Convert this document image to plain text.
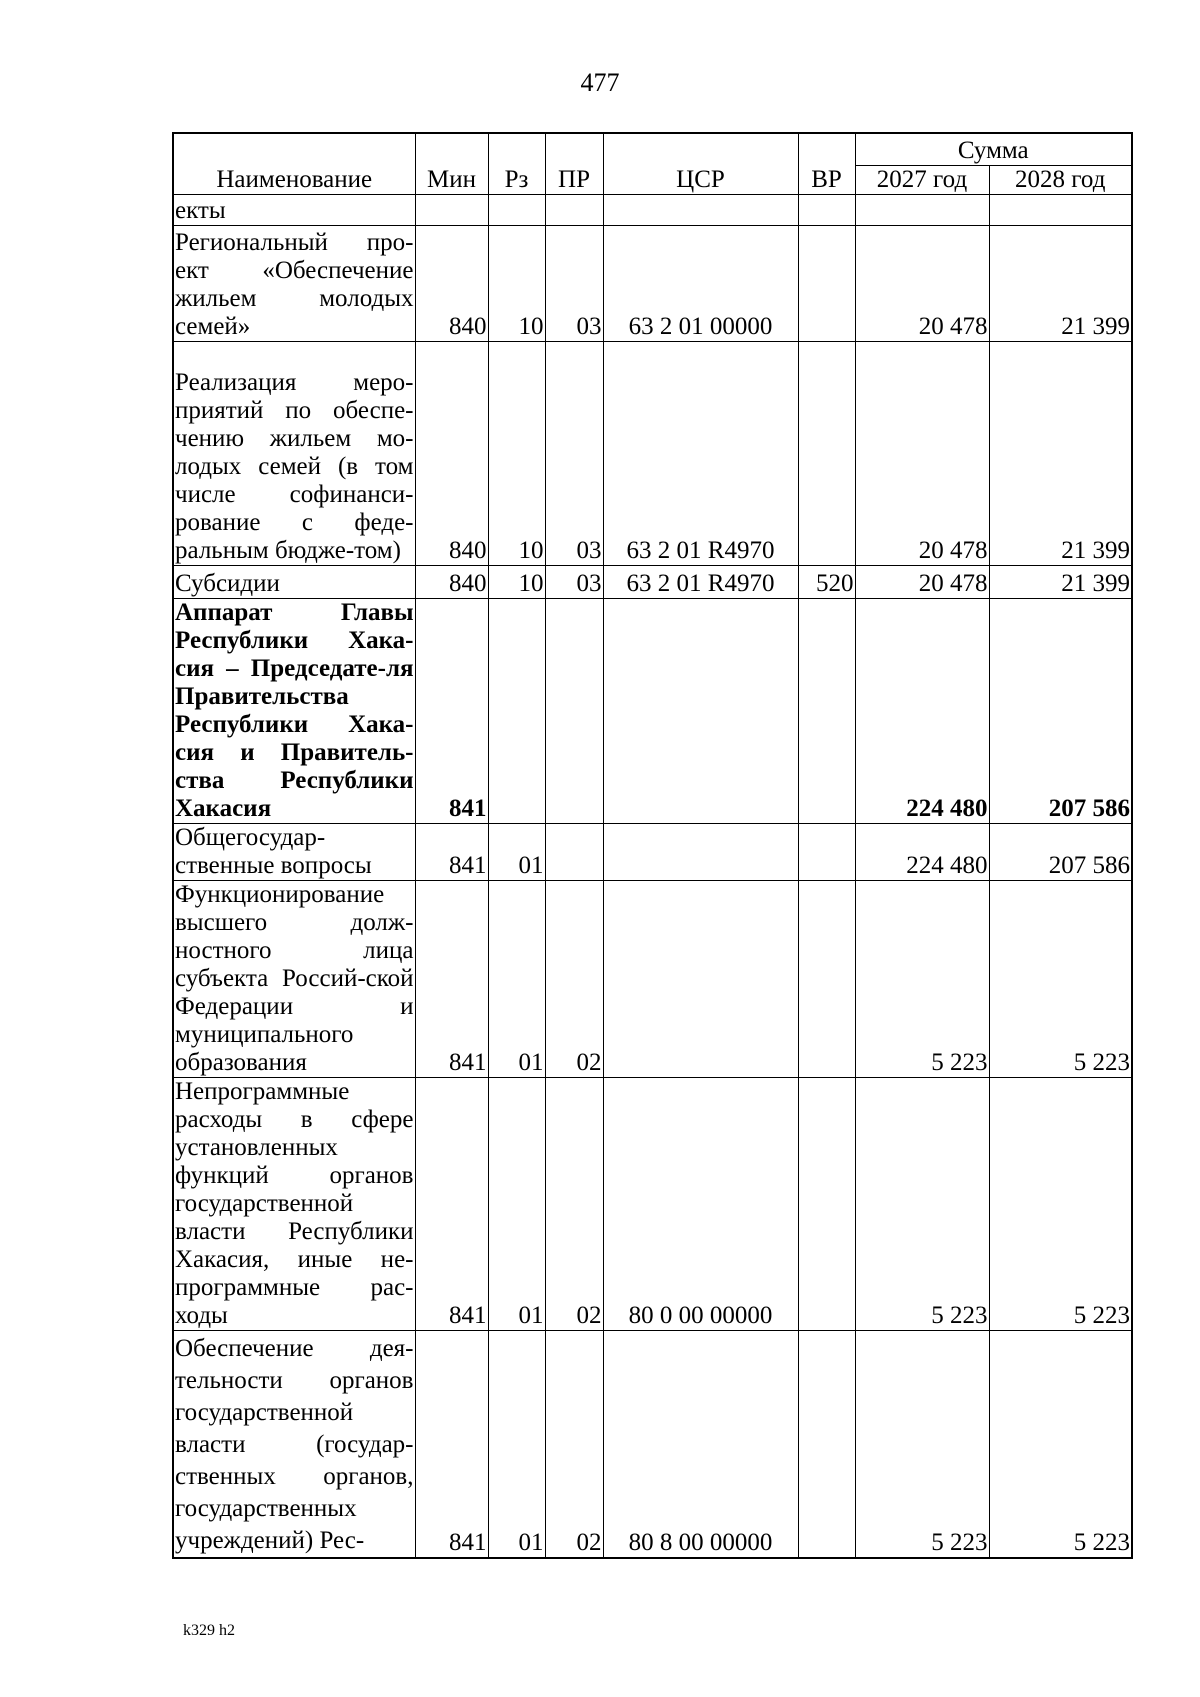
477
Наименование	Мин	Рз	ПР	ЦСР	ВР	Сумма	
						2027 год	2028 год
екты							
Региональный про-ект «Обеспечение жильем молодых семей»	840	10	03	63 2 01 00000		20 478	21 399
Реализация меро-приятий по обеспе-чению жильем мо-лодых семей (в том числе софинанси-рование с феде-ральным бюдже-том)	840	10	03	63 2 01 R4970		20 478	21 399
Субсидии	840	10	03	63 2 01 R4970	520	20 478	21 399
Аппарат Главы Республики Хака-сия – Председате-ля Правительства Республики Хака-сия и Правитель-ства Республики Хакасия	841					224 480	207 586
Общегосудар-ственные вопросы	841	01				224 480	207 586
Функционирование высшего долж-ностного лица субъекта Россий-ской Федерации и муниципального образования	841	01	02			5 223	5 223
Непрограммные расходы в сфере установленных функций органов государственной власти Республики Хакасия, иные не-программные рас-ходы	841	01	02	80 0 00 00000		5 223	5 223
Обеспечение дея-тельности органов государственной власти (государ-ственных органов, государственных учреждений) Рес-	841	01	02	80 8 00 00000		5 223	5 223
k329 h2
